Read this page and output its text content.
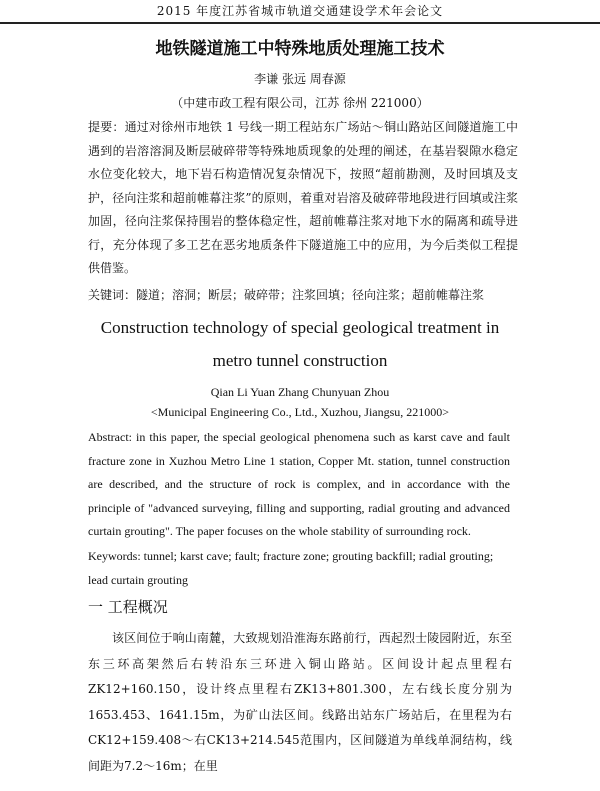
2015 年度江苏省城市轨道交通建设学术年会论文
地铁隧道施工中特殊地质处理施工技术
李谦 张远 周春源
（中建市政工程有限公司，江苏 徐州 221000）
提要：通过对徐州市地铁 1 号线一期工程站东广场站～铜山路站区间隧道施工中遇到的岩溶溶洞及断层破碎带等特殊地质现象的处理的阐述，在基岩裂隙水稳定水位变化较大，地下岩石构造情况复杂情况下，按照“超前勘测，及时回填及支护，径向注浆和超前帷幕注浆”的原则，着重对岩溶及破碎带地段进行回填或注浆加固，径向注浆保持围岩的整体稳定性，超前帷幕注浆对地下水的隔离和疏导进行，充分体现了多工艺在恶劣地质条件下隧道施工中的应用，为今后类似工程提供借鉴。
关键词：隧道；溶洞；断层；破碎带；注浆回填；径向注浆；超前帷幕注浆
Construction technology of special geological treatment in
metro tunnel construction
Qian Li Yuan Zhang Chunyuan Zhou
<Municipal Engineering Co., Ltd., Xuzhou, Jiangsu, 221000>
Abstract: in this paper, the special geological phenomena such as karst cave and fault fracture zone in Xuzhou Metro Line 1 station, Copper Mt. station, tunnel construction are described, and the structure of rock is complex, and in accordance with the principle of "advanced surveying, filling and supporting, radial grouting and advanced curtain grouting". The paper focuses on the whole stability of surrounding rock.
Keywords: tunnel; karst cave; fault; fracture zone; grouting backfill; radial grouting; lead curtain grouting
一 工程概况
该区间位于响山南麓，大致规划沿淮海东路前行，西起烈士陵园附近，东至东三环高架然后右转沿东三环进入铜山路站。区间设计起点里程右ZK12+160.150，设计终点里程右ZK13+801.300，左右线长度分别为1653.453、1641.15m，为矿山法区间。线路出站东广场站后，在里程为右CK12+159.408～右CK13+214.545范围内，区间隧道为单线单洞结构，线间距为7.2～16m；在里
